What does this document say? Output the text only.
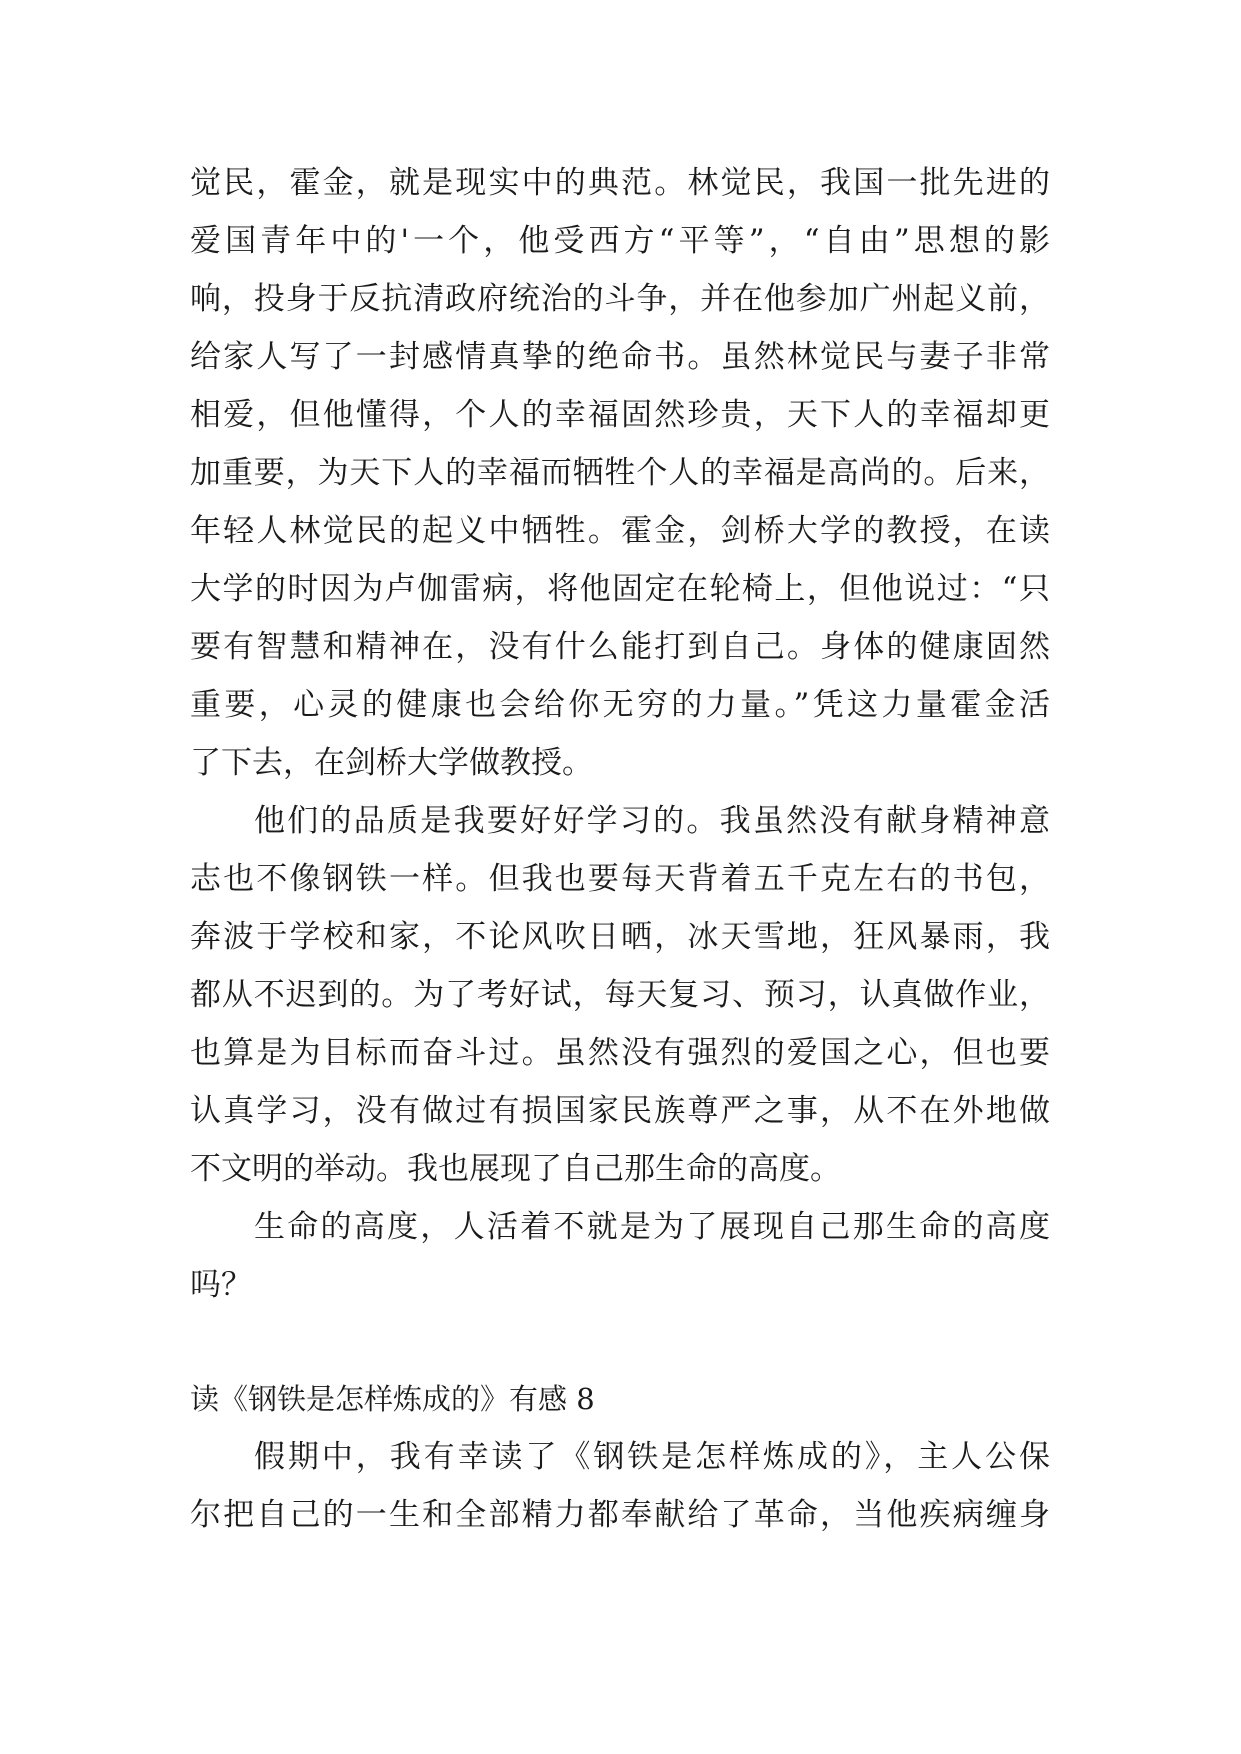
觉民，霍金，就是现实中的典范。林觉民，我国一批先进的
爱国青年中的'一个，他受西方“平等”，“自由”思想的影
响，投身于反抗清政府统治的斗争，并在他参加广州起义前，
给家人写了一封感情真挚的绝命书。虽然林觉民与妻子非常
相爱，但他懂得，个人的幸福固然珍贵，天下人的幸福却更
加重要，为天下人的幸福而牺牲个人的幸福是高尚的。后来，
年轻人林觉民的起义中牺牲。霍金，剑桥大学的教授，在读
大学的时因为卢伽雷病，将他固定在轮椅上，但他说过：“只
要有智慧和精神在，没有什么能打到自己。身体的健康固然
重要，心灵的健康也会给你无穷的力量。”凭这力量霍金活
了下去，在剑桥大学做教授。
他们的品质是我要好好学习的。我虽然没有献身精神意
志也不像钢铁一样。但我也要每天背着五千克左右的书包，
奔波于学校和家，不论风吹日晒，冰天雪地，狂风暴雨，我
都从不迟到的。为了考好试，每天复习、预习，认真做作业，
也算是为目标而奋斗过。虽然没有强烈的爱国之心，但也要
认真学习，没有做过有损国家民族尊严之事，从不在外地做
不文明的举动。我也展现了自己那生命的高度。
生命的高度，人活着不就是为了展现自己那生命的高度
吗？
读《钢铁是怎样炼成的》有感 8
假期中，我有幸读了《钢铁是怎样炼成的》，主人公保
尔把自己的一生和全部精力都奉献给了革命，当他疾病缠身
